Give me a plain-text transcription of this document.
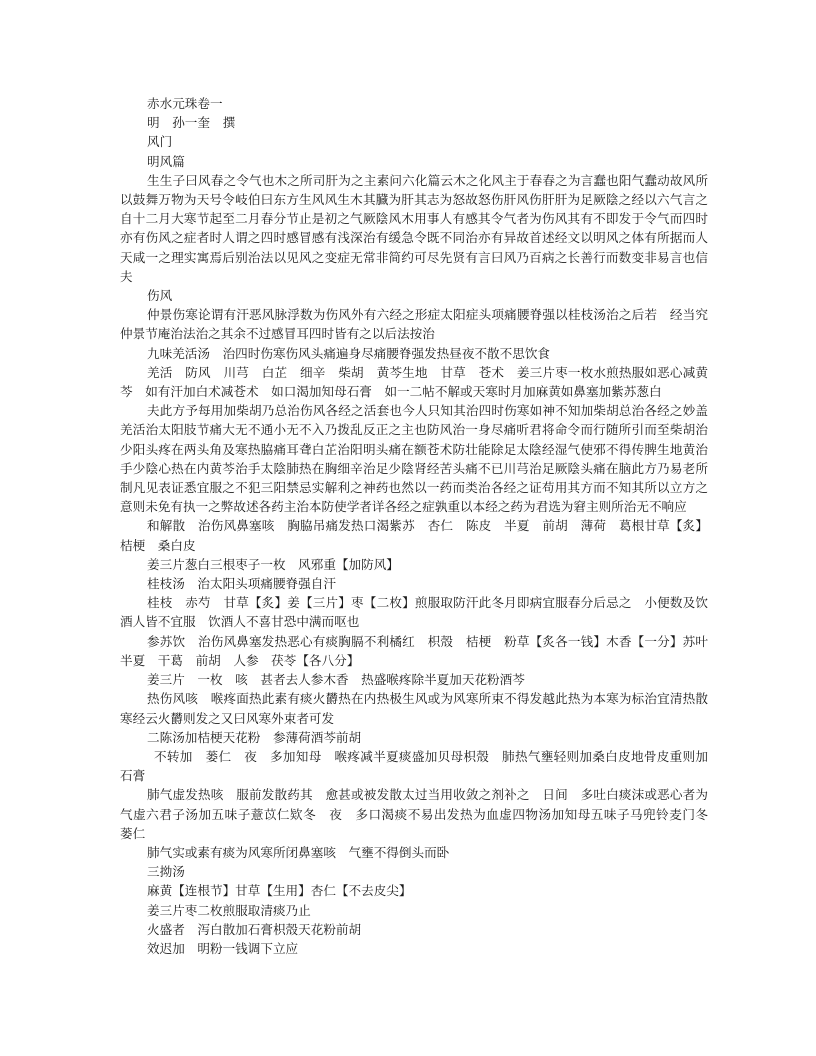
赤水元珠卷一

明　孙一奎　撰

风门

明风篇

生生子曰风春之令气也木之所司肝为之主素问六化篇云木之化风主于春春之为言蠢也阳气蠢动故风所以鼓舞万物为天号令岐伯曰东方生风风生木其臓为肝其志为怒故怒伤肝风伤肝肝为足厥陰之经以六气言之自十二月大寒节起至二月春分节止是初之气厥陰风木用事人有感其令气者为伤风其有不即发于令气而四时亦有伤风之症者时人谓之四时感冒感有浅深治有缓急令既不同治亦有异故首述经文以明风之体有所据而人天咸一之理实寓焉后别治法以见风之变症无常非简约可尽先贤有言曰风乃百病之长善行而数变非易言也信夫

伤风

仲景伤寒论谓有汗恶风脉浮数为伤风外有六经之形症太阳症头项痛腰脊强以桂枝汤治之后若　经当究仲景节庵治法治之其余不过感冒耳四时皆有之以后法按治

九味羌活汤　治四时伤寒伤风头痛遍身尽痛腰脊强发热昼夜不散不思饮食

羌活　防风　川芎　白芷　细辛　柴胡　黄芩生地　甘草　苍术　姜三片枣一枚水煎热服如恶心减黄芩　如有汗加白术减苍术　如口渴加知母石膏　如一二帖不解或天寒时月加麻黄如鼻塞加紫苏葱白

夫此方予每用加柴胡乃总治伤风各经之活套也今人只知其治四时伤寒如神不知加柴胡总治各经之妙盖羌活治太阳肢节痛大无不通小无不入乃拨乱反正之主也防风治一身尽痛听君将命令而行随所引而至柴胡治少阳头疼在两头角及寒热脇痛耳聋白芷治阳明头痛在额苍术防壮能除足太陰经湿气使邪不得传脾生地黄治手少陰心热在内黄芩治手太陰肺热在胸细辛治足少陰肾经苦头痛不已川芎治足厥陰头痛在脑此方乃易老所制凡见表证悉宜服之不犯三阳禁忌实解利之神药也然以一药而类治各经之证苟用其方而不知其所以立方之意则未免有执一之弊故述各药主治本防使学者详各经之症孰重以本经之药为君选为窘主则所治无不响应

和解散　治伤风鼻塞咳　胸脇吊痛发热口渴紫苏　杏仁　陈皮　半夏　前胡　薄荷　葛根甘草【炙】桔梗　桑白皮

姜三片葱白三根枣子一枚　风邪重【加防风】

桂枝汤　治太阳头项痛腰脊强自汗

桂枝　赤芍　甘草【炙】姜【三片】枣【二枚】煎服取防汗此冬月即病宜服春分后忌之　小便数及饮酒人皆不宜服　饮酒人不喜甘恐中满而呕也

参苏饮　治伤风鼻塞发热恶心有痰胸膈不利橘红　枳殼　桔梗　粉草【炙各一钱】木香【一分】苏叶半夏　干葛　前胡　人参　茯苓【各八分】

姜三片　一枚　咳　甚者去人参木香　热盛喉疼除半夏加天花粉酒芩

热伤风咳　喉疼面热此素有痰火欝热在内热极生风或为风寒所束不得发越此热为本寒为标治宜清热散寒经云火欝则发之又曰风寒外束者可发

二陈汤加桔梗天花粉　参薄荷酒芩前胡

不转加　蒌仁　夜　多加知母　喉疼减半夏痰盛加贝母枳殼　肺热气壅轻则加桑白皮地骨皮重则加石膏

肺气虚发热咳　服前发散药其　愈甚或被发散太过当用收敛之剂补之　日间　多吐白痰沫或恶心者为气虚六君子汤加五味子薏苡仁欵冬　夜　多口渴痰不易出发热为血虚四物汤加知母五味子马兜铃麦门冬　蒌仁

肺气实或素有痰为风寒所闭鼻塞咳　气壅不得倒头而卧

三拗汤

麻黄【连根节】甘草【生用】杏仁【不去皮尖】

姜三片枣二枚煎服取清痰乃止

火盛者　泻白散加石膏枳殼天花粉前胡

效迟加　明粉一钱调下立应
